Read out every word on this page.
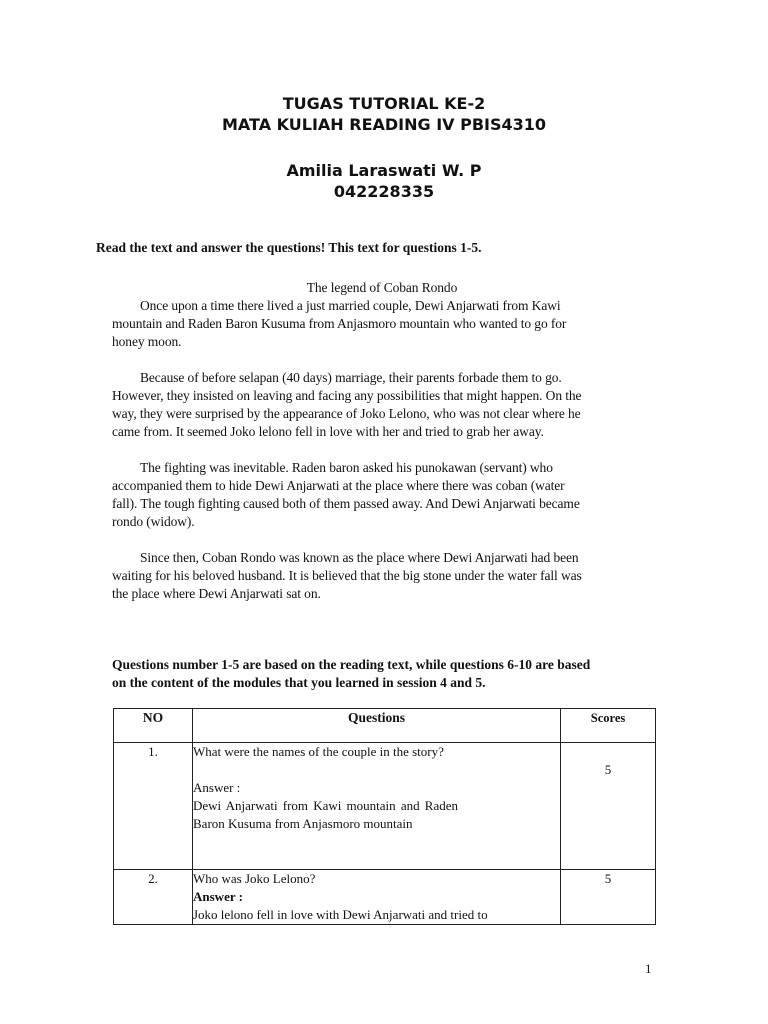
TUGAS TUTORIAL KE-2
MATA KULIAH READING IV PBIS4310
Amilia Laraswati W. P
042228335
Read the text and answer the questions! This text for questions 1-5.
The legend of Coban Rondo

Once upon a time there lived a just married couple, Dewi Anjarwati from Kawi
mountain and Raden Baron Kusuma from Anjasmoro mountain who wanted to go for
honey moon.

Because of before selapan (40 days) marriage, their parents forbade them to go.
However, they insisted on leaving and facing any possibilities that might happen. On the
way, they were surprised by the appearance of Joko Lelono, who was not clear where he
came from. It seemed Joko lelono fell in love with her and tried to grab her away.

The fighting was inevitable. Raden baron asked his punokawan (servant) who
accompanied them to hide Dewi Anjarwati at the place where there was coban (water
fall). The tough fighting caused both of them passed away. And Dewi Anjarwati became
rondo (widow).

Since then, Coban Rondo was known as the place where Dewi Anjarwati had been
waiting for his beloved husband. It is believed that the big stone under the water fall was
the place where Dewi Anjarwati sat on.

Questions number 1-5 are based on the reading text, while questions 6-10 are based
on the content of the modules that you learned in session 4 and 5.
NO	Questions	Scores
1.	What were the names of the couple in the story?
Answer :
Dewi Anjarwati from Kawi mountain and Raden Baron Kusuma from Anjasmoro mountain	5

2.	Who was Joko Lelono?
Answer :
Joko lelono fell in love with Dewi Anjarwati and tried to	5
1
